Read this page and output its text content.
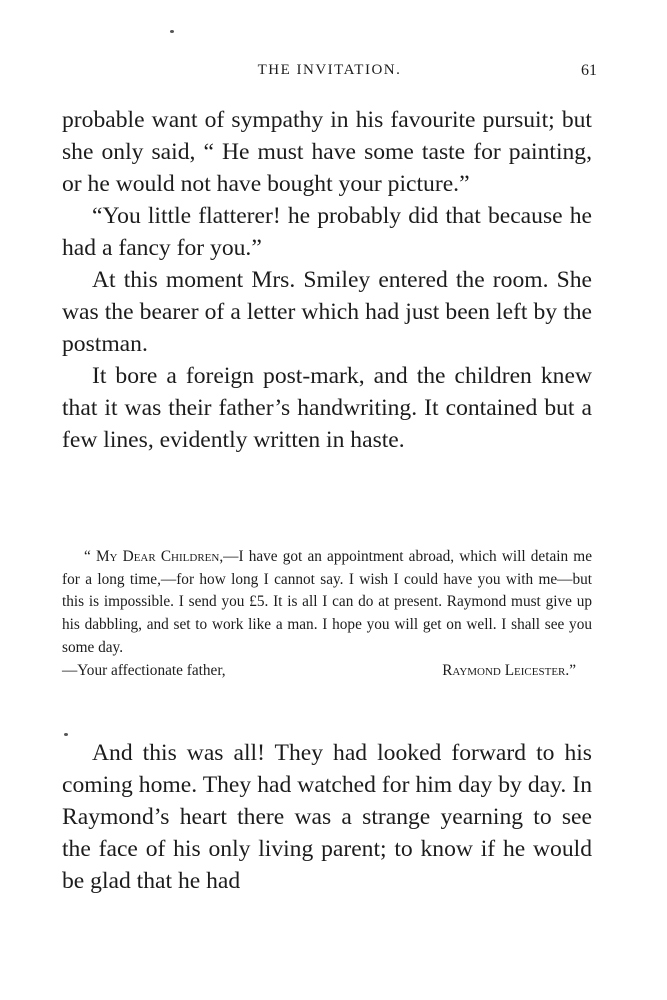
THE INVITATION.	61

probable want of sympathy in his favourite pursuit; but she only said, “ He must have some taste for painting, or he would not have bought your picture.”

“You little flatterer! he probably did that because he had a fancy for you.”

At this moment Mrs. Smiley entered the room. She was the bearer of a letter which had just been left by the postman.

It bore a foreign post-mark, and the children knew that it was their father’s handwriting. It contained but a few lines, evidently written in haste.

“ My Dear Children,—I have got an appointment abroad, which will detain me for a long time,—for how long I cannot say. I wish I could have you with me—but this is impossible. I send you £5. It is all I can do at present. Raymond must give up his dabbling, and set to work like a man. I hope you will get on well. I shall see you some day.

—Your affectionate father,	Raymond Leicester.”

And this was all! They had looked forward to his coming home. They had watched for him day by day. In Raymond’s heart there was a strange yearning to see the face of his only living parent; to know if he would be glad that he had
